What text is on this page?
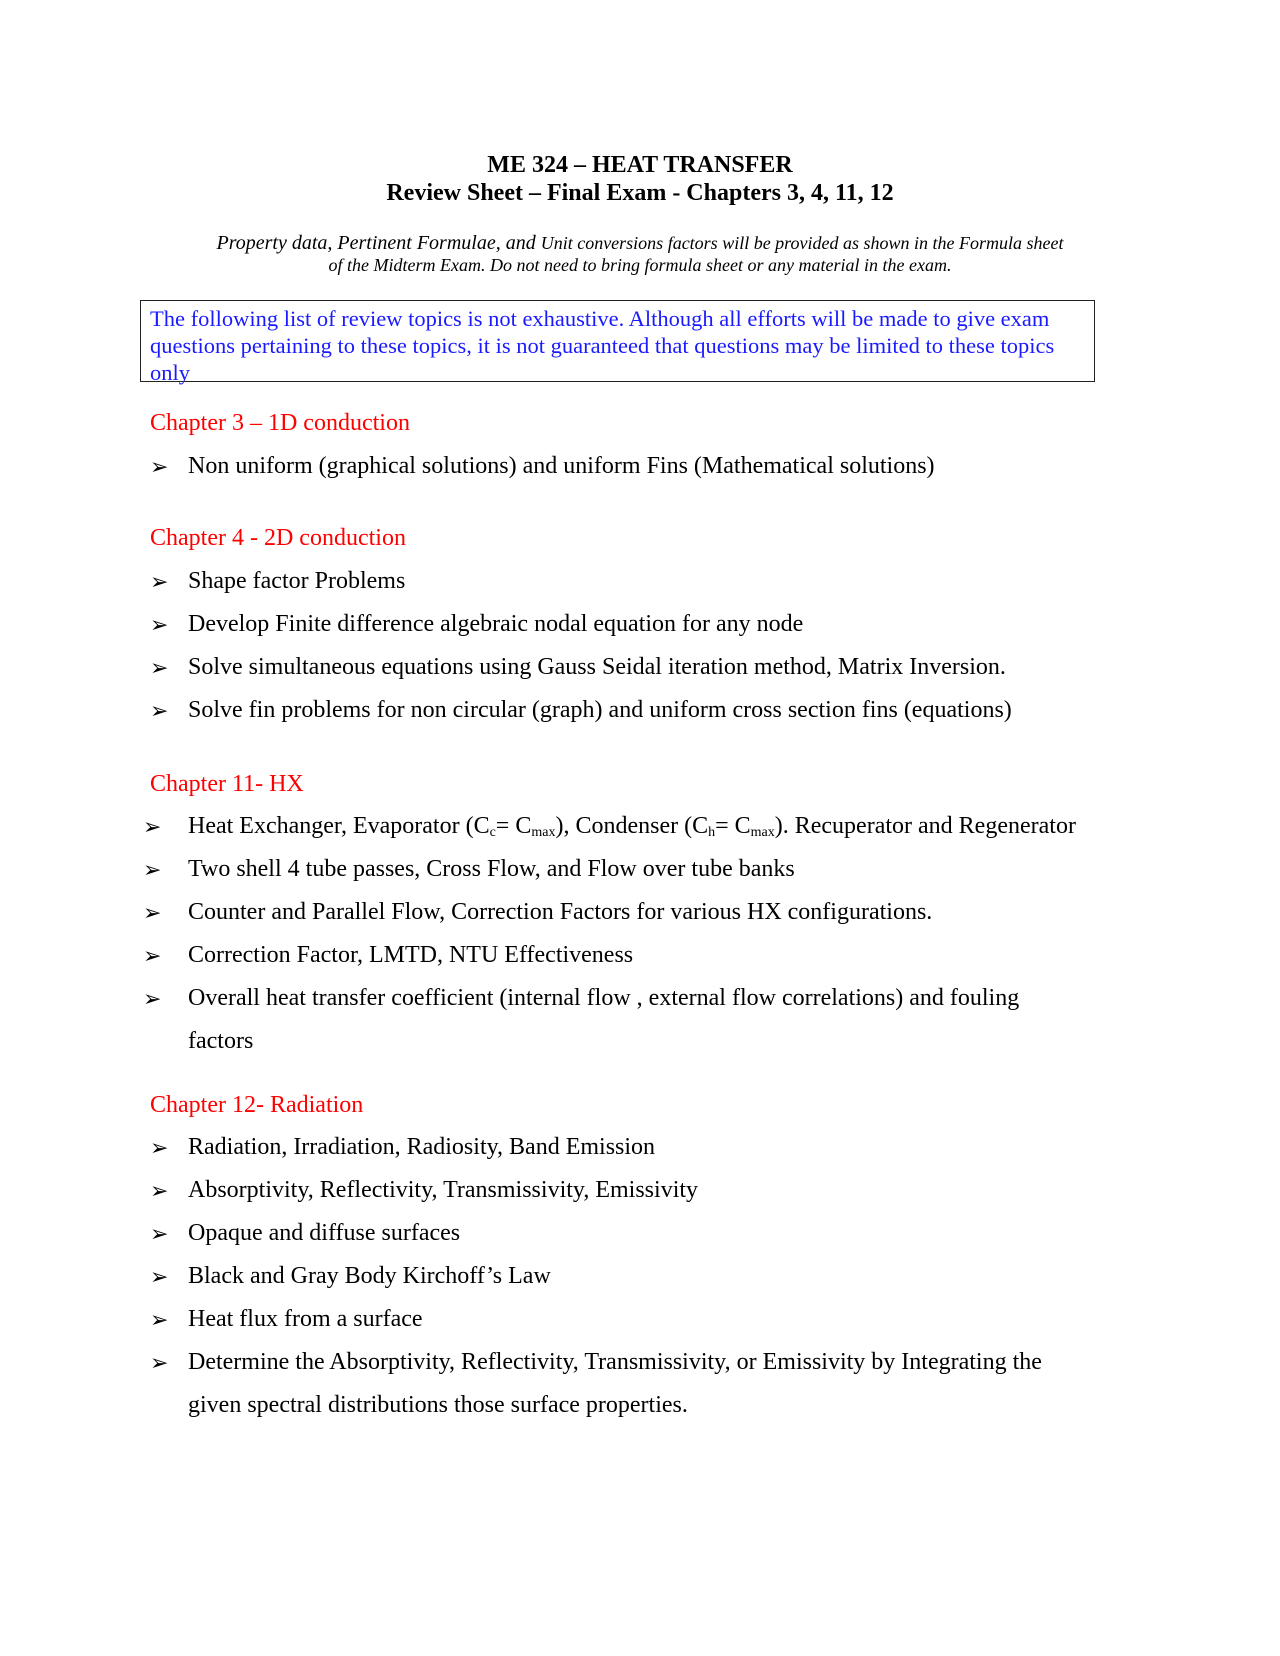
ME 324 – HEAT TRANSFER
Review Sheet – Final Exam - Chapters 3, 4, 11, 12
Property data, Pertinent Formulae, and Unit conversions factors will be provided as shown in the Formula sheet
of the Midterm Exam. Do not need to bring formula sheet or any material in the exam.
The following list of review topics is not exhaustive. Although all efforts will be made to give exam questions pertaining to these topics, it is not guaranteed that questions may be limited to these topics only
Chapter 3 – 1D conduction
➢ Non uniform (graphical solutions) and uniform Fins (Mathematical solutions)
Chapter 4 - 2D conduction
➢ Shape factor Problems
➢ Develop Finite difference algebraic nodal equation for any node
➢ Solve simultaneous equations using Gauss Seidal iteration method, Matrix Inversion.
➢ Solve fin problems for non circular (graph) and uniform cross section fins (equations)
Chapter 11- HX
➢ Heat Exchanger, Evaporator $(C_c= C_{max})$, Condenser $(C_h= C_{max})$. Recuperator and Regenerator
➢ Two shell 4 tube passes, Cross Flow, and Flow over tube banks
➢ Counter and Parallel Flow, Correction Factors for various HX configurations.
➢ Correction Factor, LMTD, NTU Effectiveness
➢ Overall heat transfer coefficient (internal flow , external flow correlations) and fouling
factors
Chapter 12- Radiation
➢ Radiation, Irradiation, Radiosity, Band Emission
➢ Absorptivity, Reflectivity, Transmissivity, Emissivity
➢ Opaque and diffuse surfaces
➢ Black and Gray Body Kirchoff’s Law
➢ Heat flux from a surface
➢ Determine the Absorptivity, Reflectivity, Transmissivity, or Emissivity by Integrating the
given spectral distributions those surface properties.
